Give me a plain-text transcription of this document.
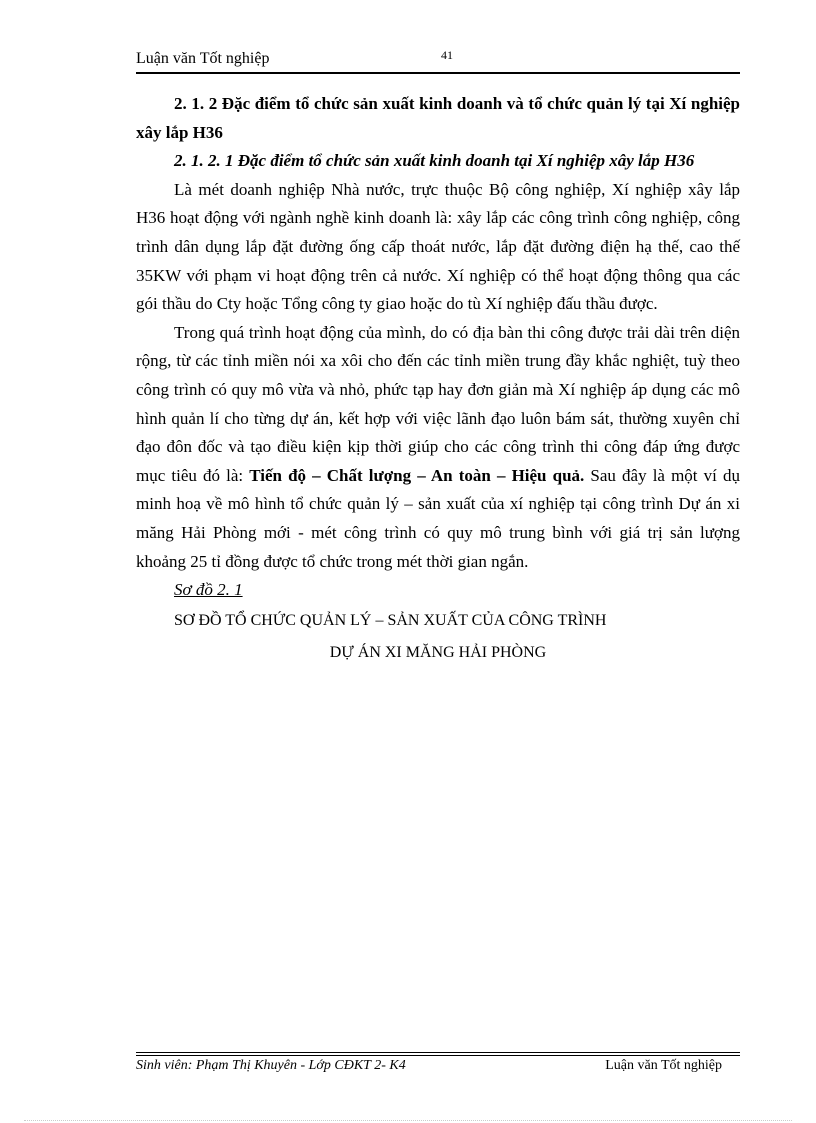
Luận văn Tốt nghiệp	41

2. 1. 2 Đặc điểm tổ chức sản xuất kinh doanh và tổ chức quản lý tại Xí nghiệp xây lắp H36

2. 1. 2. 1 Đặc điểm tổ chức sản xuất kinh doanh tại Xí nghiệp xây lắp H36

Là mét doanh nghiệp Nhà nước, trực thuộc Bộ công nghiệp, Xí nghiệp xây lắp H36 hoạt động với ngành nghề kinh doanh là: xây lắp các công trình công nghiệp, công trình dân dụng lắp đặt đường ống cấp thoát nước, lắp đặt đường điện hạ thế, cao thế 35KW với phạm vi hoạt động trên cả nước. Xí nghiệp có thể hoạt động thông qua các gói thầu do Cty hoặc Tổng công ty giao hoặc do tù Xí nghiệp đấu thầu được.

Trong quá trình hoạt động của mình, do có địa bàn thi công được trải dài trên diện rộng, từ các tỉnh miền nói xa xôi cho đến các tỉnh miền trung đầy khắc nghiệt, tuỳ theo công trình có quy mô vừa và nhỏ, phức tạp hay đơn giản mà Xí nghiệp áp dụng các mô hình quản lí cho từng dự án, kết hợp với việc lãnh đạo luôn bám sát, thường xuyên chỉ đạo đôn đốc và tạo điều kiện kịp thời giúp cho các công trình thi công đáp ứng được mục tiêu đó là: Tiến độ – Chất lượng – An toàn – Hiệu quả. Sau đây là một ví dụ minh hoạ về mô hình tổ chức quản lý – sản xuất của xí nghiệp tại công trình Dự án xi măng Hải Phòng mới - mét công trình có quy mô trung bình với giá trị sản lượng khoảng 25 tỉ đồng được tổ chức trong mét thời gian ngắn.

Sơ đồ 2. 1

SƠ ĐỒ TỔ CHỨC QUẢN LÝ – SẢN XUẤT CỦA CÔNG TRÌNH

DỰ ÁN XI MĂNG HẢI PHÒNG

Sinh viên: Phạm Thị Khuyên - Lớp CĐKT 2- K4	Luận văn Tốt nghiệp
